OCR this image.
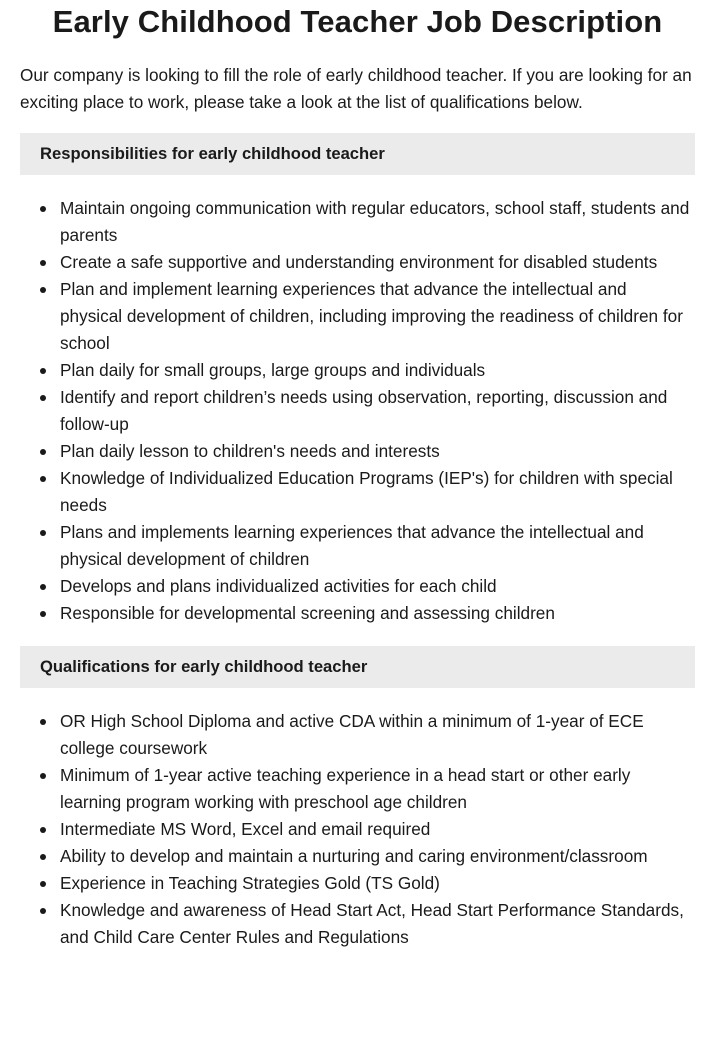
Early Childhood Teacher Job Description

Our company is looking to fill the role of early childhood teacher. If you are looking for an exciting place to work, please take a look at the list of qualifications below.

Responsibilities for early childhood teacher
Maintain ongoing communication with regular educators, school staff, students and parents
Create a safe supportive and understanding environment for disabled students
Plan and implement learning experiences that advance the intellectual and physical development of children, including improving the readiness of children for school
Plan daily for small groups, large groups and individuals
Identify and report children’s needs using observation, reporting, discussion and follow-up
Plan daily lesson to children's needs and interests
Knowledge of Individualized Education Programs (IEP's) for children with special needs
Plans and implements learning experiences that advance the intellectual and physical development of children
Develops and plans individualized activities for each child
Responsible for developmental screening and assessing children
Qualifications for early childhood teacher
OR High School Diploma and active CDA within a minimum of 1-year of ECE college coursework
Minimum of 1-year active teaching experience in a head start or other early learning program working with preschool age children
Intermediate MS Word, Excel and email required
Ability to develop and maintain a nurturing and caring environment/classroom
Experience in Teaching Strategies Gold (TS Gold)
Knowledge and awareness of Head Start Act, Head Start Performance Standards, and Child Care Center Rules and Regulations
